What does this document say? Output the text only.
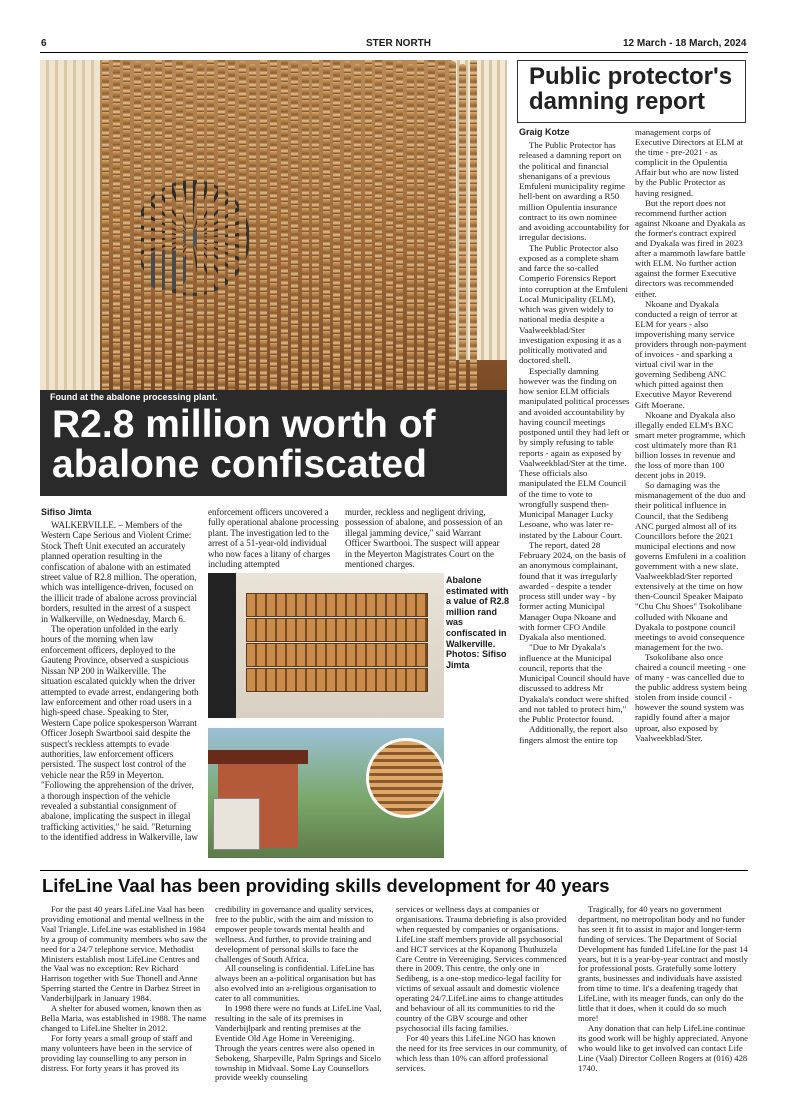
6	STER NORTH	12 March - 18 March, 2024
Found at the abalone processing plant.
R2.8 million worth of abalone confiscated
Sifiso Jimta

WALKERVILLE. – Members of the Western Cape Serious and Violent Crime: Stock Theft Unit executed an accurately planned operation resulting in the confiscation of abalone with an estimated street value of R2.8 million. The operation, which was intelligence-driven, focused on the illicit trade of abalone across provincial borders, resulted in the arrest of a suspect in Walkerville, on Wednesday, March 6.

The operation unfolded in the early hours of the morning when law enforcement officers, deployed to the Gauteng Province, observed a suspicious Nissan NP 200 in Walkerville. The situation escalated quickly when the driver attempted to evade arrest, endangering both law enforcement and other road users in a high-speed chase. Speaking to Ster, Western Cape police spokesperson Warrant Officer Joseph Swartbooi said despite the suspect's reckless attempts to evade authorities, law enforcement officers persisted. The suspect lost control of the vehicle near the R59 in Meyerton. "Following the apprehension of the driver, a thorough inspection of the vehicle revealed a substantial consignment of abalone, implicating the suspect in illegal trafficking activities," he said. "Returning to the identified address in Walkerville, law

enforcement officers uncovered a fully operational abalone processing plant. The investigation led to the arrest of a 51-year-old individual who now faces a litany of charges including attempted

murder, reckless and negligent driving, possession of abalone, and possession of an illegal jamming device," said Warrant Officer Swartbooi. The suspect will appear in the Meyerton Magistrates Court on the mentioned charges.

Abalone estimated with a value of R2.8 million rand was confiscated in Walkerville. Photos: Sifiso Jimta
Public protector's damning report
Graig Kotze

The Public Protector has released a damning report on the political and financial shenanigans of a previous Emfuleni municipality regime hell-bent on awarding a R50 million Opulentia insurance contract to its own nominee and avoiding accountability for irregular decisions.

The Public Protector also exposed as a complete sham and farce the so-called Comperio Forensics Report into corruption at the Emfuleni Local Municipality (ELM), which was given widely to national media despite a Vaalweekblad/Ster investigation exposing it as a politically motivated and doctored shell.

Especially damning however was the finding on how senior ELM officials manipulated political processes and avoided accountability by having council meetings postponed until they had left or by simply refusing to table reports - again as exposed by Vaalweekblad/Ster at the time. These officials also manipulated the ELM Council of the time to vote to wrongfully suspend then-Municipal Manager Lucky Lesoane, who was later re-instated by the Labour Court.

The report, dated 28 February 2024, on the basis of an anonymous complainant, found that it was irregularly awarded - despite a tender process still under way - by former acting Municipal Manager Oupa Nkoane and with former CFO Andile Dyakala also mentioned.

"Due to Mr Dyakala's influence at the Municipal council, reports that the Municipal Council should have discussed to address Mr Dyakala's conduct were shifted and not tabled to protect him," the Public Protector found.

Additionally, the report also fingers almost the entire top

management corps of Executive Directors at ELM at the time - pre-2021 - as complicit in the Opulentia Affair but who are now listed by the Public Protector as having resigned.

But the report does not recommend further action against Nkoane and Dyakala as the former's contract expired and Dyakala was fired in 2023 after a mammoth lawfare battle with ELM. No further action against the former Executive directors was recommended either.

Nkoane and Dyakala conducted a reign of terror at ELM for years - also impoverishing many service providers through non-payment of invoices - and sparking a virtual civil war in the governing Sedibeng ANC which pitted against then Executive Mayor Reverend Gift Moerane.

Nkoane and Dyakala also illegally ended ELM's BXC smart meter programme, which cost ultimately more than R1 billion losses in revenue and the loss of more than 100 decent jobs in 2019.

So damaging was the mismanagement of the duo and their political influence in Council, that the Sedibeng ANC purged almost all of its Councillors before the 2021 municipal elections and now governs Emfuleni in a coalition government with a new slate. Vaalweekblad/Ster reported extensively at the time on how then-Council Speaker Maipato "Chu Chu Shoes" Tsokolibane colluded with Nkoane and Dyakala to postpone council meetings to avoid consequence management for the two.

Tsokolibane also once chaired a council meeting - one of many - was cancelled due to the public address system being stolen from inside council - however the sound system was rapidly found after a major uproar, also exposed by Vaalweekblad/Ster.

LifeLine Vaal has been providing skills development for 40 years

For the past 40 years LifeLine Vaal has been providing emotional and mental wellness in the Vaal Triangle. LifeLine was established in 1984 by a group of community members who saw the need for a 24/7 telephone service. Methodist Ministers establish most LifeLine Centres and the Vaal was no exception: Rev Richard Harrison together with Sue Thonell and Anne Sperring started the Centre in Darbez Street in Vanderbijlpark in January 1984.

A shelter for abused women, known then as Bella Maria, was established in 1988. The name changed to LifeLine Shelter in 2012.

For forty years a small group of staff and many volunteers have been in the service of providing lay counselling to any person in distress. For forty years it has proved its

credibility in governance and quality services, free to the public, with the aim and mission to empower people towards mental health and wellness. And further, to provide training and development of personal skills to face the challenges of South Africa.

All counseling is confidential. LifeLine has always been an a-political organisation but has also evolved into an a-religious organisation to cater to all communities.

In 1998 there were no funds at LifeLine Vaal, resulting in the sale of its premises in Vanderbijlpark and renting premises at the Eventide Old Age Home in Vereeniging. Through the years centres were also opened in Sebokeng, Sharpeville, Palm Springs and Sicelo township in Midvaal. Some Lay Counsellors provide weekly counseling

services or wellness days at companies or organisations. Trauma debriefing is also provided when requested by companies or organisations. LifeLine staff members provide all psychosocial and HCT services at the Kopanong Thuthuzela Care Centre in Vereeniging. Services commenced there in 2009. This centre, the only one in Sedibeng, is a one-stop medico-legal facility for victims of sexual assault and domestic violence operating 24/7.LifeLine aims to change attitudes and behaviour of all its communities to rid the country of the GBV scourge and other psychosocial ills facing families.

For 40 years this LifeLine NGO has known the need for its free services in our community, of which less than 10% can afford professional services.

Tragically, for 40 years no government department, no metropolitan body and no funder has seen it fit to assist in major and longer-term funding of services. The Department of Social Development has funded LifeLine for the past 14 years, but it is a year-by-year contract and mostly for professional posts. Gratefully some lottery grants, businesses and individuals have assisted from time to time. It's a deafening tragedy that LifeLine, with its meager funds, can only do the little that it does, when it could do so much more!

Any donation that can help LifeLine continue its good work will be highly appreciated. Anyone who would like to get involved can contact Life Line (Vaal) Director Colleen Rogers at (016) 428 1740.
